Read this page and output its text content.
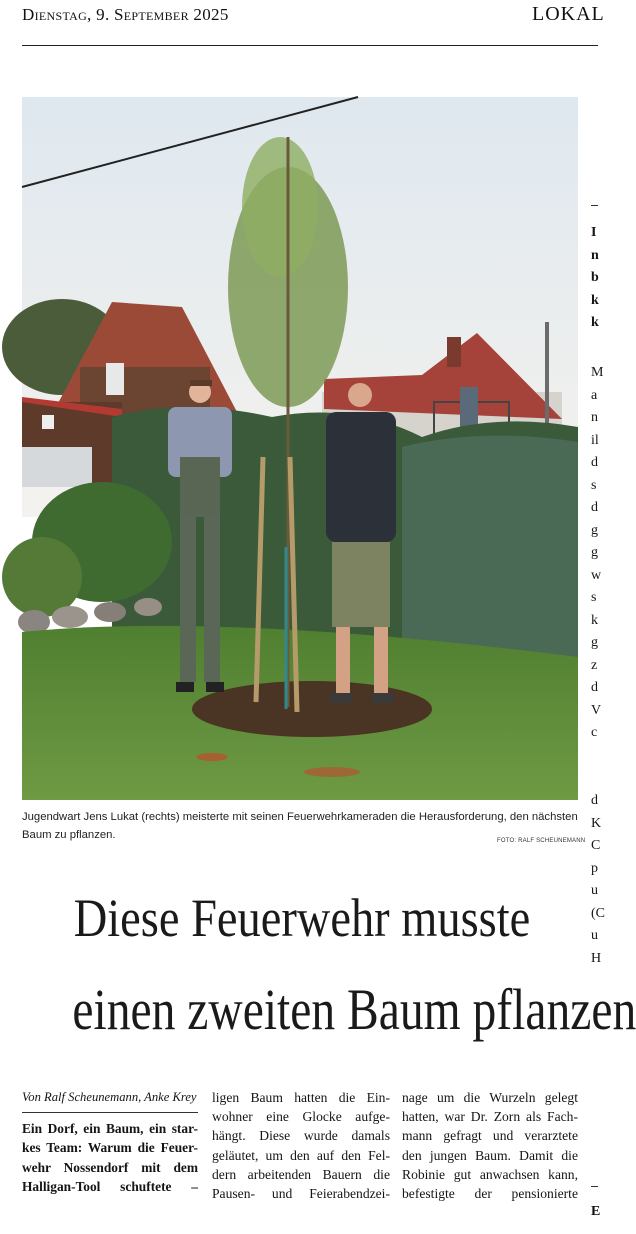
Dienstag, 9. September 2025	LOKAL
Jugendwart Jens Lukat (rechts) meisterte mit seinen Feuerwehrkameraden die Herausforderung, den nächsten Baum zu pflanzen.	FOTO: RALF SCHEUNEMANN
Diese Feuerwehr musste
einen zweiten Baum pflanzen
Von Ralf Scheunemann, Anke Krey
Ein Dorf, ein Baum, ein star-
kes Team: Warum die Feuer-
wehr Nossendorf mit dem
Halligan-Tool schuftete –
ligen Baum hatten die Ein-
wohner eine Glocke aufge-
hängt. Diese wurde damals
geläutet, um den auf den Fel-
dern arbeitenden Bauern die
Pausen- und Feierabendzei-
nage um die Wurzeln gelegt
hatten, war Dr. Zorn als Fach-
mann gefragt und verarztete
den jungen Baum. Damit die
Robinie gut anwachsen kann,
befestigte der pensionierte
I
n
b
k
k
M
a
n
il
d
s
d
g
g
w
s
k
g
z
d
V
c
d
K
C
p
u
(C
u
H
E
